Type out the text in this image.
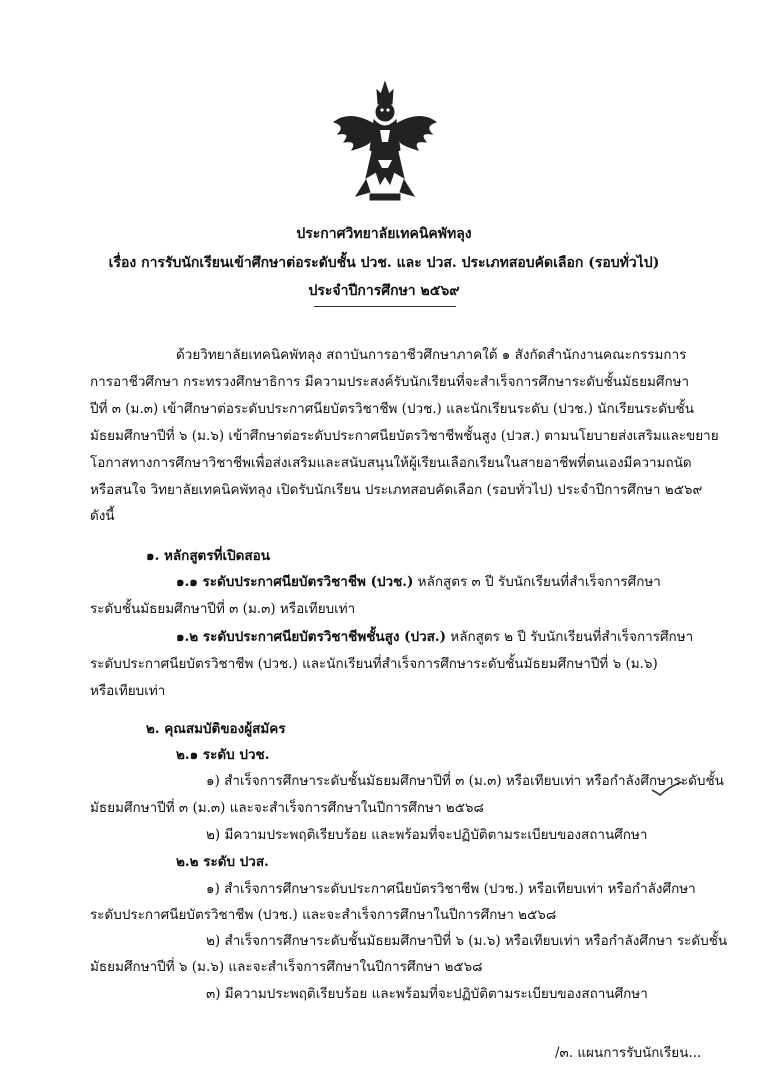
ประกาศวิทยาลัยเทคนิคพัทลุง
เรื่อง การรับนักเรียนเข้าศึกษาต่อระดับชั้น ปวช. และ ปวส. ประเภทสอบคัดเลือก (รอบทั่วไป)
ประจำปีการศึกษา ๒๕๖๙
ด้วยวิทยาลัยเทคนิคพัทลุง สถาบันการอาชีวศึกษาภาคใต้ ๑ สังกัดสำนักงานคณะกรรมการ
การอาชีวศึกษา กระทรวงศึกษาธิการ มีความประสงค์รับนักเรียนที่จะสำเร็จการศึกษาระดับชั้นมัธยมศึกษา
ปีที่ ๓ (ม.๓) เข้าศึกษาต่อระดับประกาศนียบัตรวิชาชีพ (ปวช.) และนักเรียนระดับ (ปวช.) นักเรียนระดับชั้น
มัธยมศึกษาปีที่ ๖ (ม.๖) เข้าศึกษาต่อระดับประกาศนียบัตรวิชาชีพชั้นสูง (ปวส.) ตามนโยบายส่งเสริมและขยาย
โอกาสทางการศึกษาวิชาชีพเพื่อส่งเสริมและสนับสนุนให้ผู้เรียนเลือกเรียนในสายอาชีพที่ตนเองมีความถนัด
หรือสนใจ วิทยาลัยเทคนิคพัทลุง เปิดรับนักเรียน ประเภทสอบคัดเลือก (รอบทั่วไป) ประจำปีการศึกษา ๒๕๖๙
ดังนี้
๑. หลักสูตรที่เปิดสอน
๑.๑ ระดับประกาศนียบัตรวิชาชีพ (ปวช.) หลักสูตร ๓ ปี รับนักเรียนที่สำเร็จการศึกษา
ระดับชั้นมัธยมศึกษาปีที่ ๓ (ม.๓) หรือเทียบเท่า
๑.๒ ระดับประกาศนียบัตรวิชาชีพชั้นสูง (ปวส.) หลักสูตร ๒ ปี รับนักเรียนที่สำเร็จการศึกษา
ระดับประกาศนียบัตรวิชาชีพ (ปวช.) และนักเรียนที่สำเร็จการศึกษาระดับชั้นมัธยมศึกษาปีที่ ๖ (ม.๖)
หรือเทียบเท่า
๒. คุณสมบัติของผู้สมัคร
๒.๑ ระดับ ปวช.
๑) สำเร็จการศึกษาระดับชั้นมัธยมศึกษาปีที่ ๓ (ม.๓) หรือเทียบเท่า หรือกำลังศึกษาระดับชั้น
มัธยมศึกษาปีที่ ๓ (ม.๓) และจะสำเร็จการศึกษาในปีการศึกษา ๒๕๖๘
๒) มีความประพฤติเรียบร้อย และพร้อมที่จะปฏิบัติตามระเบียบของสถานศึกษา
๒.๒ ระดับ ปวส.
๑) สำเร็จการศึกษาระดับประกาศนียบัตรวิชาชีพ (ปวช.) หรือเทียบเท่า หรือกำลังศึกษา
ระดับประกาศนียบัตรวิชาชีพ (ปวช.) และจะสำเร็จการศึกษาในปีการศึกษา ๒๕๖๘
๒) สำเร็จการศึกษาระดับชั้นมัธยมศึกษาปีที่ ๖ (ม.๖) หรือเทียบเท่า หรือกำลังศึกษา ระดับชั้น
มัธยมศึกษาปีที่ ๖ (ม.๖) และจะสำเร็จการศึกษาในปีการศึกษา ๒๕๖๘
๓) มีความประพฤติเรียบร้อย และพร้อมที่จะปฏิบัติตามระเบียบของสถานศึกษา
/๓. แผนการรับนักเรียน...
